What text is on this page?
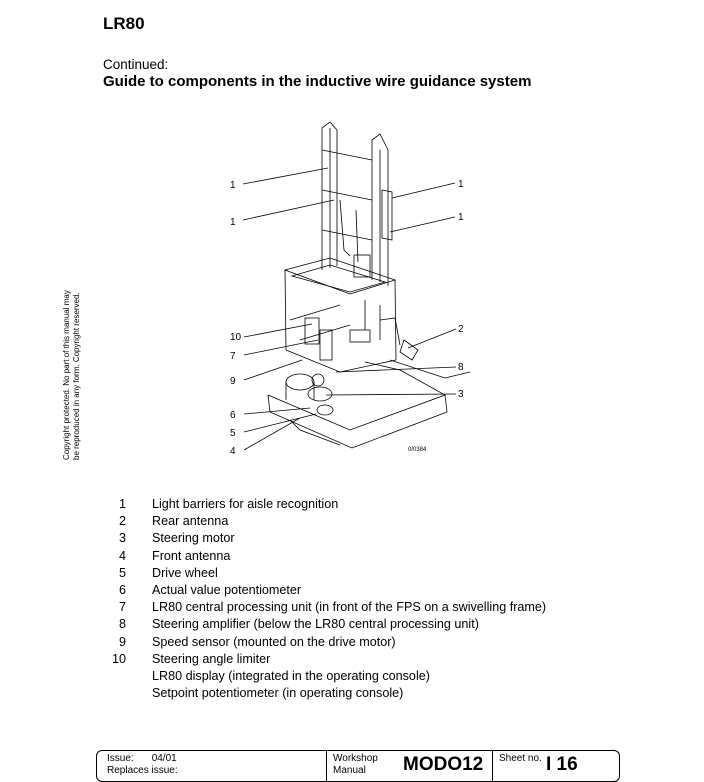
LR80
Continued:
Guide to components in the inductive wire guidance system
Copyright protected. No part of this manual may be reproduced in any form. Copyright reserved.
1
1
10
7
9
6
5
4
1
1
2
8
3
0/0384
1 Light barriers for aisle recognition
2 Rear antenna
3 Steering motor
4 Front antenna
5 Drive wheel
6 Actual value potentiometer
7 LR80 central processing unit (in front of the FPS on a swivelling frame)
8 Steering amplifier (below the LR80 central processing unit)
9 Speed sensor (mounted on the drive motor)
10 Steering angle limiter
LR80 display (integrated in the operating console)
Setpoint potentiometer (in operating console)
Issue: 04/01
Replaces issue:
Workshop
Manual	MODO12 Sheet no. I 16
